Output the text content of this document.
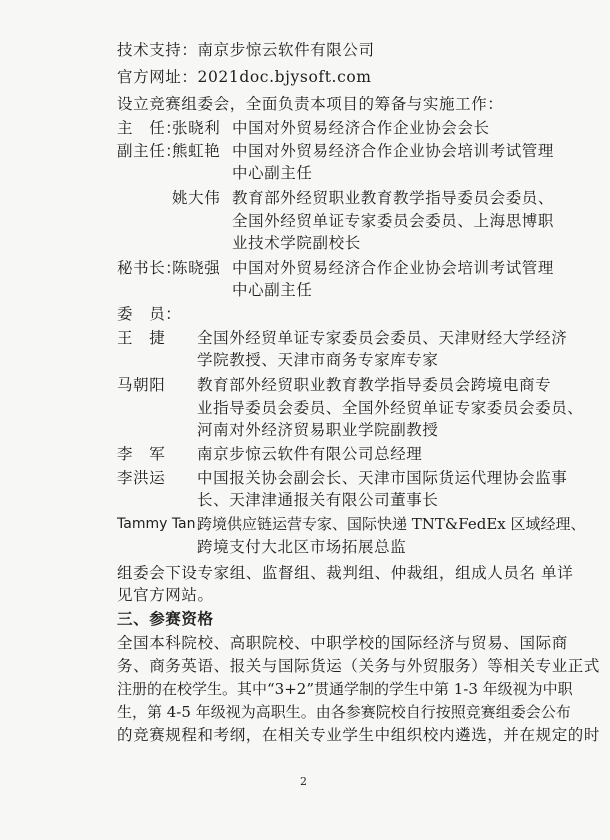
技术支持：南京步惊云软件有限公司
官方网址：2021doc.bjysoft.com
设立竞赛组委会，全面负责本项目的筹备与实施工作：
主　任：
张晓利 中国对外贸易经济合作企业协会会长
副主任：
熊虹艳 中国对外贸易经济合作企业协会培训考试管理
中心副主任
姚大伟 教育部外经贸职业教育教学指导委员会委员、
全国外经贸单证专家委员会委员、上海思博职
业技术学院副校长
秘书长：
陈晓强 中国对外贸易经济合作企业协会培训考试管理
中心副主任
委　员：
王　捷 全国外经贸单证专家委员会委员、天津财经大学经济
学院教授、天津市商务专家库专家
马朝阳 教育部外经贸职业教育教学指导委员会跨境电商专
业指导委员会委员、全国外经贸单证专家委员会委员、
河南对外经济贸易职业学院副教授
李　军 南京步惊云软件有限公司总经理
李洪运 中国报关协会副会长、天津市国际货运代理协会监事
长、天津津通报关有限公司董事长
Tammy Tan 跨境供应链运营专家、国际快递 TNT&FedEx 区域经理、
跨境支付大北区市场拓展总监
组委会下设专家组、监督组、裁判组、仲裁组，组成人员名 单详
见官方网站。
三、参赛资格
全国本科院校、高职院校、中职学校的国际经济与贸易、国际商
务、商务英语、报关与国际货运（关务与外贸服务）等相关专业正式
注册的在校学生。其中“3+2”贯通学制的学生中第 1-3 年级视为中职
生，第 4-5 年级视为高职生。由各参赛院校自行按照竞赛组委会公布
的竞赛规程和考纲，在相关专业学生中组织校内遴选，并在规定的时
2
